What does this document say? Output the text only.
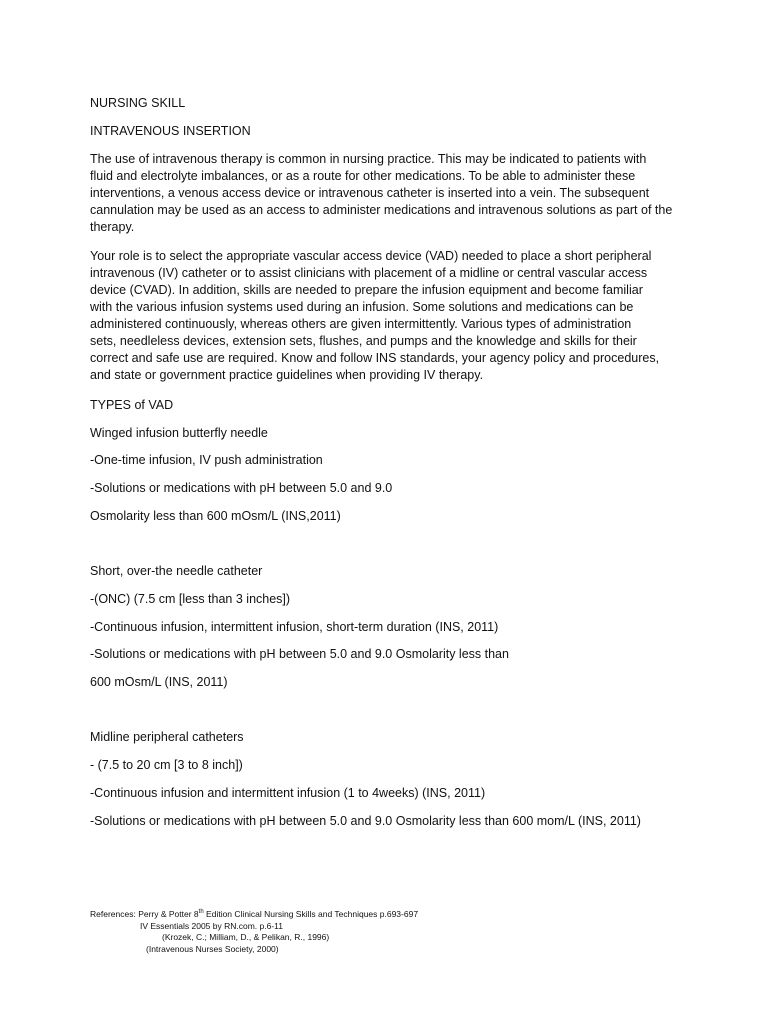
NURSING SKILL
INTRAVENOUS INSERTION
The use of intravenous therapy is common in nursing practice. This may be indicated to patients with
fluid and electrolyte imbalances, or as a route for other medications. To be able to administer these
interventions, a venous access device or intravenous catheter is inserted into a vein. The subsequent
cannulation may be used as an access to administer medications and intravenous solutions as part of the
therapy.
Your role is to select the appropriate vascular access device (VAD) needed to place a short peripheral
intravenous (IV) catheter or to assist clinicians with placement of a midline or central vascular access
device (CVAD). In addition, skills are needed to prepare the infusion equipment and become familiar
with the various infusion systems used during an infusion. Some solutions and medications can be
administered continuously, whereas others are given intermittently. Various types of administration
sets, needleless devices, extension sets, flushes, and pumps and the knowledge and skills for their
correct and safe use are required. Know and follow INS standards, your agency policy and procedures,
and state or government practice guidelines when providing IV therapy.
TYPES of VAD
Winged infusion butterfly needle
-One-time infusion, IV push administration
-Solutions or medications with pH between 5.0 and 9.0
Osmolarity less than 600 mOsm/L (INS,2011)
Short, over-the needle catheter
-(ONC) (7.5 cm [less than 3 inches])
-Continuous infusion, intermittent infusion, short-term duration (INS, 2011)
-Solutions or medications with pH between 5.0 and 9.0 Osmolarity less than
600 mOsm/L (INS, 2011)
Midline peripheral catheters
- (7.5 to 20 cm [3 to 8 inch])
-Continuous infusion and intermittent infusion (1 to 4weeks) (INS, 2011)
-Solutions or medications with pH between 5.0 and 9.0 Osmolarity less than 600 mom/L (INS, 2011)
References: Perry & Potter 8th Edition Clinical Nursing Skills and Techniques p.693-697
IV Essentials 2005 by RN.com. p.6-11
(Krozek, C.; Milliam, D., & Pelikan, R., 1996)
(Intravenous Nurses Society, 2000)
